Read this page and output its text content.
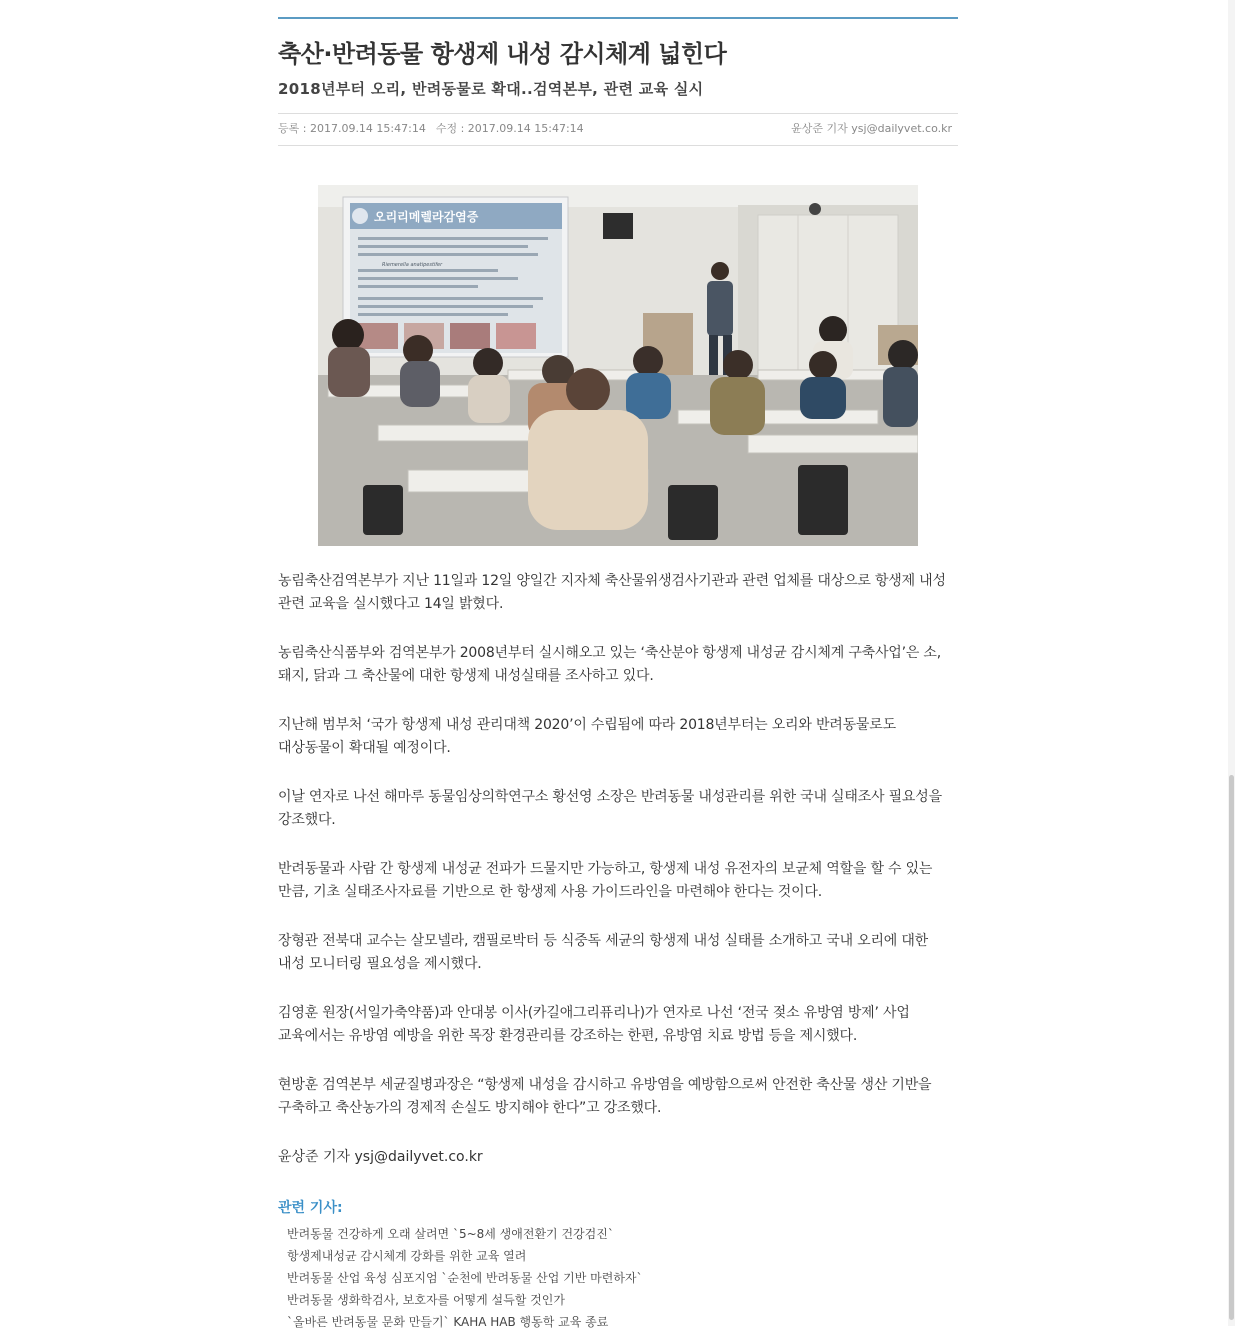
축산·반려동물 항생제 내성 감시체계 넓힌다
2018년부터 오리, 반려동물로 확대..검역본부, 관련 교육 실시
등록 : 2017.09.14 15:47:14 수정 : 2017.09.14 15:47:14	윤상준 기자 ysj@dailyvet.co.kr
오리리메렐라감염증
Riemerella anatipestifer

농림축산검역본부가 지난 11일과 12일 양일간 지자체 축산물위생검사기관과 관련 업체를 대상으로 항생제 내성 관련 교육을 실시했다고 14일 밝혔다.

농림축산식품부와 검역본부가 2008년부터 실시해오고 있는 ‘축산분야 항생제 내성균 감시체계 구축사업’은 소, 돼지, 닭과 그 축산물에 대한 항생제 내성실태를 조사하고 있다.

지난해 범부처 ‘국가 항생제 내성 관리대책 2020’이 수립됨에 따라 2018년부터는 오리와 반려동물로도 대상동물이 확대될 예정이다.

이날 연자로 나선 해마루 동물임상의학연구소 황선영 소장은 반려동물 내성관리를 위한 국내 실태조사 필요성을 강조했다.

반려동물과 사람 간 항생제 내성균 전파가 드물지만 가능하고, 항생제 내성 유전자의 보균체 역할을 할 수 있는 만큼, 기초 실태조사자료를 기반으로 한 항생제 사용 가이드라인을 마련해야 한다는 것이다.

장형관 전북대 교수는 살모넬라, 캠필로박터 등 식중독 세균의 항생제 내성 실태를 소개하고 국내 오리에 대한 내성 모니터링 필요성을 제시했다.

김영훈 원장(서일가축약품)과 안대봉 이사(카길애그리퓨리나)가 연자로 나선 ‘전국 젖소 유방염 방제’ 사업 교육에서는 유방염 예방을 위한 목장 환경관리를 강조하는 한편, 유방염 치료 방법 등을 제시했다.

현방훈 검역본부 세균질병과장은 “항생제 내성을 감시하고 유방염을 예방함으로써 안전한 축산물 생산 기반을 구축하고 축산농가의 경제적 손실도 방지해야 한다”고 강조했다.

윤상준 기자 ysj@dailyvet.co.kr

관련 기사:
반려동물 건강하게 오래 살려면 `5~8세 생애전환기 건강검진`
항생제내성균 감시체계 강화를 위한 교육 열려
반려동물 산업 육성 심포지엄 `순천에 반려동물 산업 기반 마련하자`
반려동물 생화학검사, 보호자를 어떻게 설득할 것인가
`올바른 반려동물 문화 만들기` KAHA HAB 행동학 교육 종료
